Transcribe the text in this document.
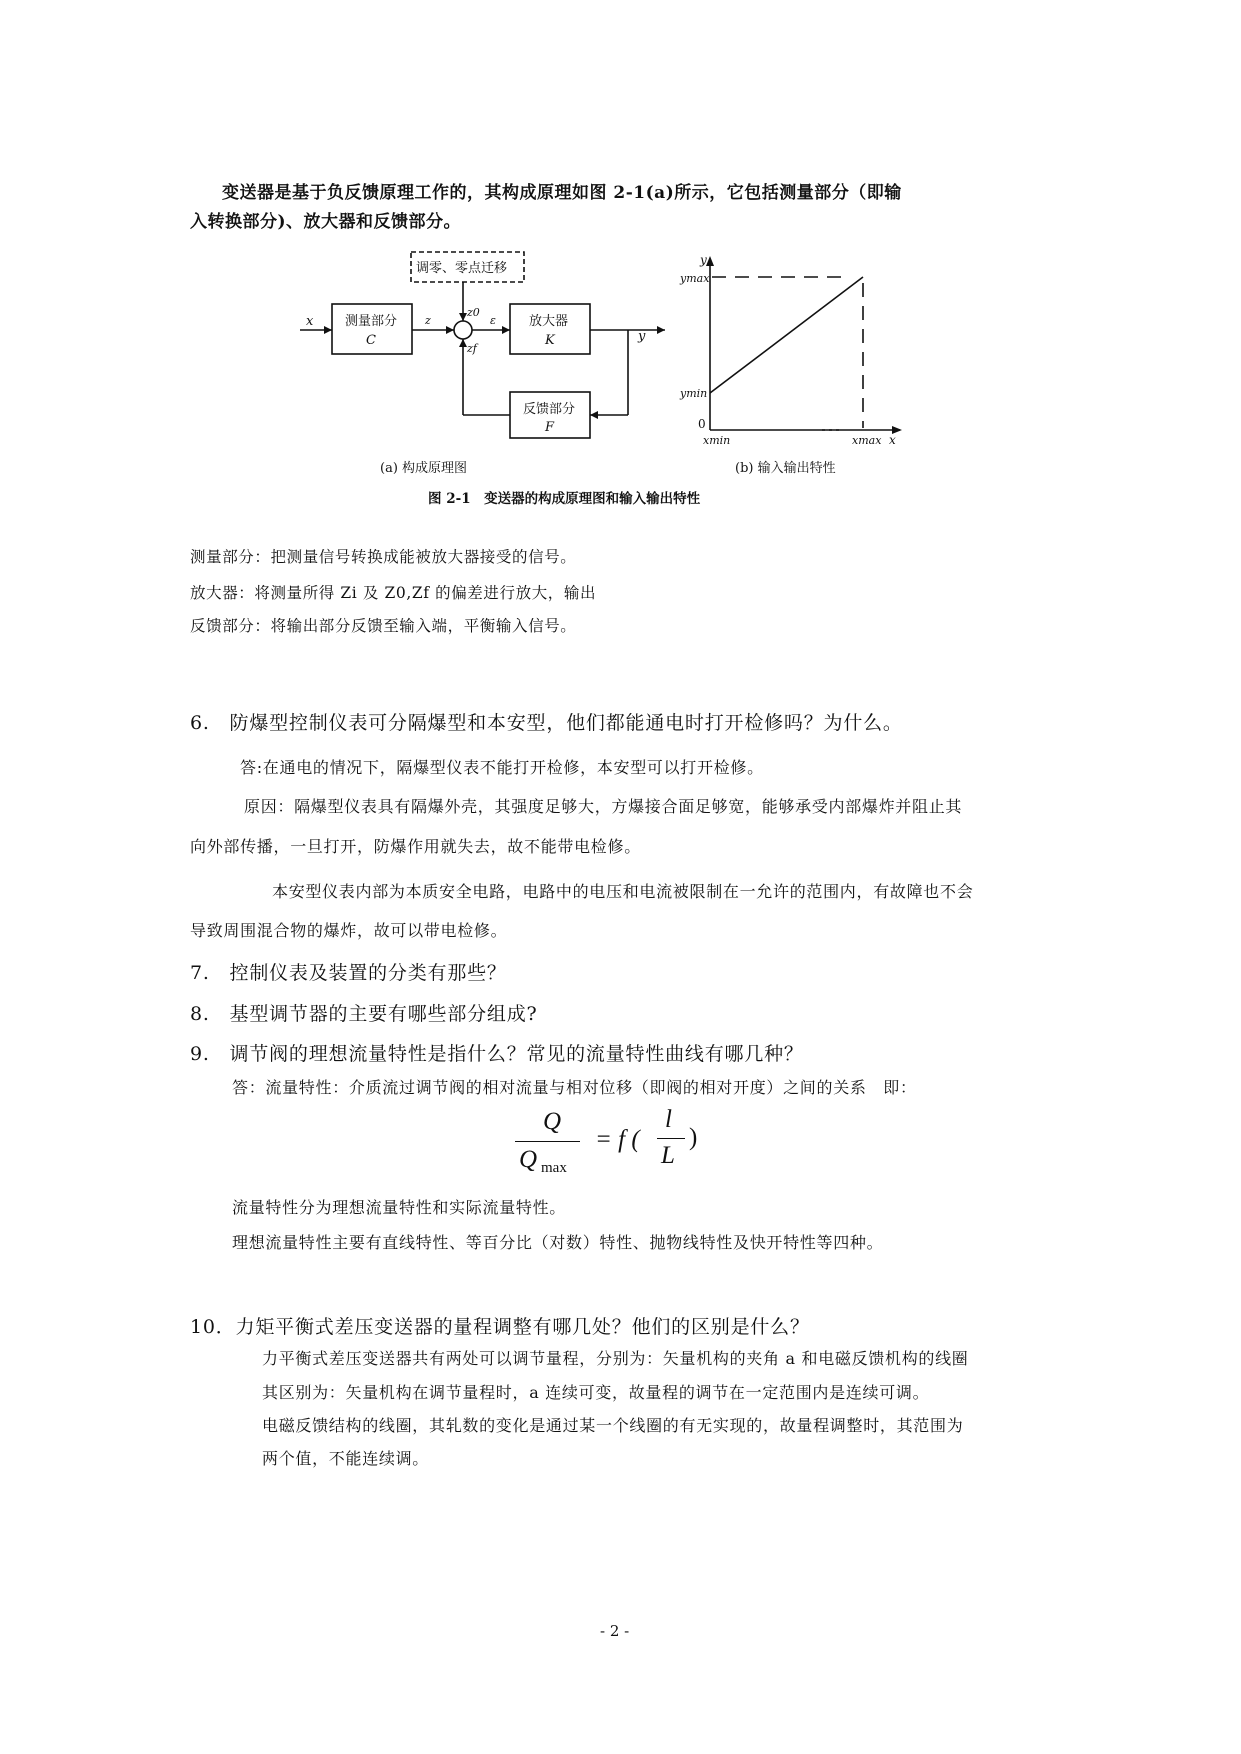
变送器是基于负反馈原理工作的，其构成原理如图 2-1(a)所示，它包括测量部分（即输
入转换部分)、放大器和反馈部分。
调零、零点迁移
测量部分
C
放大器
K
反馈部分
F
x	z
z0
zf
ε
y
(a) 构成原理图
y
ymax
ymin
0
xmin	xmax x
(b) 输入输出特性
图 2-1　变送器的构成原理图和输入输出特性
测量部分：把测量信号转换成能被放大器接受的信号。
放大器：将测量所得 Zi 及 Z0,Zf 的偏差进行放大，输出
反馈部分：将输出部分反馈至输入端，平衡输入信号。
6.　防爆型控制仪表可分隔爆型和本安型，他们都能通电时打开检修吗？为什么。
答:在通电的情况下，隔爆型仪表不能打开检修，本安型可以打开检修。
原因：隔爆型仪表具有隔爆外壳，其强度足够大，方爆接合面足够宽，能够承受内部爆炸并阻止其
向外部传播，一旦打开，防爆作用就失去，故不能带电检修。
本安型仪表内部为本质安全电路，电路中的电压和电流被限制在一允许的范围内，有故障也不会
导致周围混合物的爆炸，故可以带电检修。
7.　控制仪表及装置的分类有那些？
8.　基型调节器的主要有哪些部分组成?
9.　调节阀的理想流量特性是指什么？常见的流量特性曲线有哪几种？
答：流量特性：介质流过调节阀的相对流量与相对位移（即阀的相对开度）之间的关系　即：
Q
Q max
= f (
l
L
)
流量特性分为理想流量特性和实际流量特性。
理想流量特性主要有直线特性、等百分比（对数）特性、抛物线特性及快开特性等四种。
10．力矩平衡式差压变送器的量程调整有哪几处？他们的区别是什么？
力平衡式差压变送器共有两处可以调节量程，分别为：矢量机构的夹角 a 和电磁反馈机构的线圈
其区别为：矢量机构在调节量程时，a 连续可变，故量程的调节在一定范围内是连续可调。
电磁反馈结构的线圈，其轧数的变化是通过某一个线圈的有无实现的，故量程调整时，其范围为
两个值，不能连续调。
- 2 -
